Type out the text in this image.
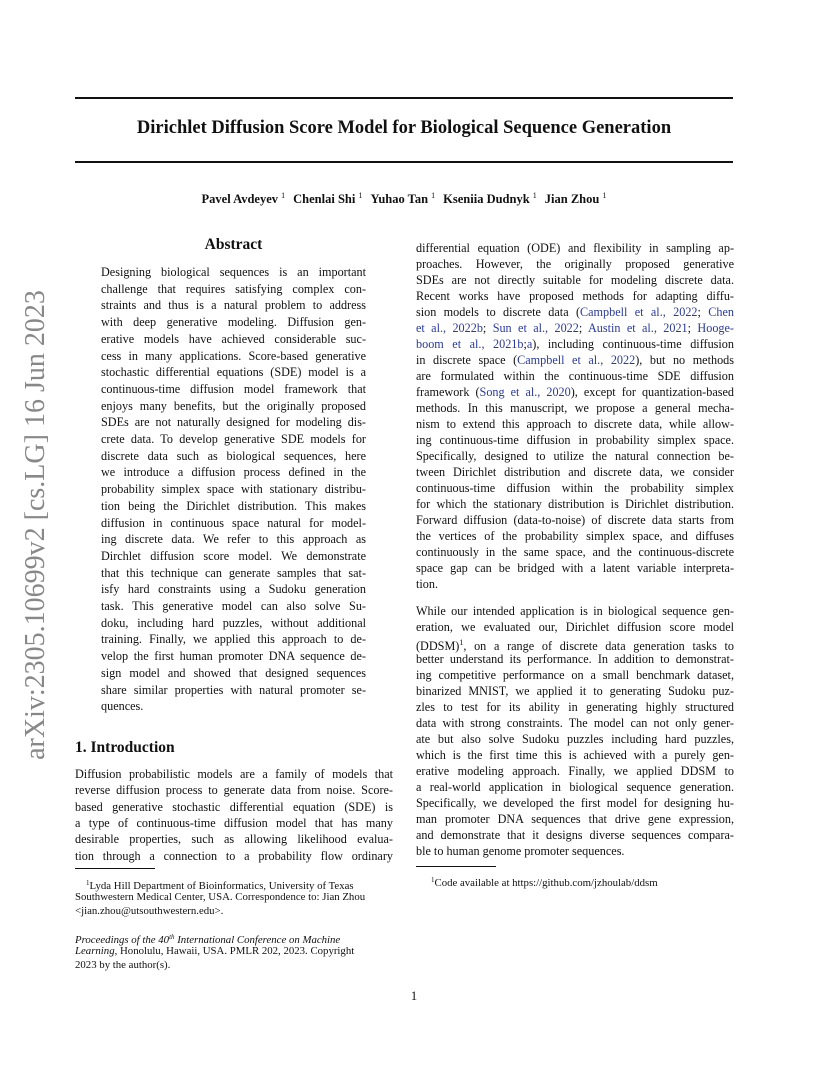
Dirichlet Diffusion Score Model for Biological Sequence Generation
Pavel Avdeyev $^1$ Chenlai Shi $^1$ Yuhao Tan $^1$ Kseniia Dudnyk $^1$ Jian Zhou $^1$
arXiv:2305.10699v2 [cs.LG] 16 Jun 2023
Abstract
Designing biological sequences is an important
challenge that requires satisfying complex con-
straints and thus is a natural problem to address
with deep generative modeling. Diffusion gen-
erative models have achieved considerable suc-
cess in many applications. Score-based generative
stochastic differential equations (SDE) model is a
continuous-time diffusion model framework that
enjoys many benefits, but the originally proposed
SDEs are not naturally designed for modeling dis-
crete data. To develop generative SDE models for
discrete data such as biological sequences, here
we introduce a diffusion process defined in the
probability simplex space with stationary distribu-
tion being the Dirichlet distribution. This makes
diffusion in continuous space natural for model-
ing discrete data. We refer to this approach as
Dirchlet diffusion score model. We demonstrate
that this technique can generate samples that sat-
isfy hard constraints using a Sudoku generation
task. This generative model can also solve Su-
doku, including hard puzzles, without additional
training. Finally, we applied this approach to de-
velop the first human promoter DNA sequence de-
sign model and showed that designed sequences
share similar properties with natural promoter se-
quences.
1. Introduction
Diffusion probabilistic models are a family of models that
reverse diffusion process to generate data from noise. Score-
based generative stochastic differential equation (SDE) is
a type of continuous-time diffusion model that has many
desirable properties, such as allowing likelihood evalua-
tion through a connection to a probability flow ordinary
$^1$Lyda Hill Department of Bioinformatics, University of Texas
Southwestern Medical Center, USA. Correspondence to: Jian Zhou
<jian.zhou@utsouthwestern.edu>.
Proceedings of the 40th International Conference on Machine
Learning, Honolulu, Hawaii, USA. PMLR 202, 2023. Copyright
2023 by the author(s).
differential equation (ODE) and flexibility in sampling ap-
proaches. However, the originally proposed generative
SDEs are not directly suitable for modeling discrete data.
Recent works have proposed methods for adapting diffu-
sion models to discrete data (Campbell et al., 2022; Chen
et al., 2022b; Sun et al., 2022; Austin et al., 2021; Hooge-
boom et al., 2021b;a), including continuous-time diffusion
in discrete space (Campbell et al., 2022), but no methods
are formulated within the continuous-time SDE diffusion
framework (Song et al., 2020), except for quantization-based
methods. In this manuscript, we propose a general mecha-
nism to extend this approach to discrete data, while allow-
ing continuous-time diffusion in probability simplex space.
Specifically, designed to utilize the natural connection be-
tween Dirichlet distribution and discrete data, we consider
continuous-time diffusion within the probability simplex
for which the stationary distribution is Dirichlet distribution.
Forward diffusion (data-to-noise) of discrete data starts from
the vertices of the probability simplex space, and diffuses
continuously in the same space, and the continuous-discrete
space gap can be bridged with a latent variable interpreta-
tion.
While our intended application is in biological sequence gen-
eration, we evaluated our, Dirichlet diffusion score model
(DDSM)$^1$, on a range of discrete data generation tasks to
better understand its performance. In addition to demonstrat-
ing competitive performance on a small benchmark dataset,
binarized MNIST, we applied it to generating Sudoku puz-
zles to test for its ability in generating highly structured
data with strong constraints. The model can not only gener-
ate but also solve Sudoku puzzles including hard puzzles,
which is the first time this is achieved with a purely gen-
erative modeling approach. Finally, we applied DDSM to
a real-world application in biological sequence generation.
Specifically, we developed the first model for designing hu-
man promoter DNA sequences that drive gene expression,
and demonstrate that it designs diverse sequences compara-
ble to human genome promoter sequences.
$^1$Code available at https://github.com/jzhoulab/ddsm
1
